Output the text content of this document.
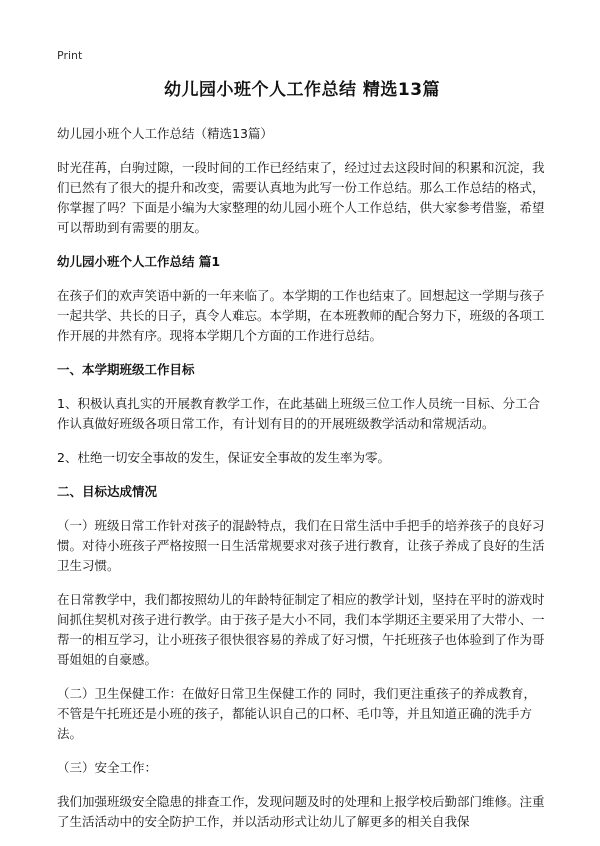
Print
幼儿园小班个人工作总结 精选13篇
幼儿园小班个人工作总结（精选13篇）

时光荏苒，白驹过隙，一段时间的工作已经结束了，经过过去这段时间的积累和沉淀，我们已然有了很大的提升和改变，需要认真地为此写一份工作总结。那么工作总结的格式，你掌握了吗？下面是小编为大家整理的幼儿园小班个人工作总结，供大家参考借鉴，希望可以帮助到有需要的朋友。

幼儿园小班个人工作总结 篇1

在孩子们的欢声笑语中新的一年来临了。本学期的工作也结束了。回想起这一学期与孩子一起共学、共长的日子，真令人难忘。本学期，在本班教师的配合努力下，班级的各项工作开展的井然有序。现将本学期几个方面的工作进行总结。

一、本学期班级工作目标

1、积极认真扎实的开展教育教学工作，在此基础上班级三位工作人员统一目标、分工合作认真做好班级各项日常工作，有计划有目的的开展班级教学活动和常规活动。

2、杜绝一切安全事故的发生，保证安全事故的发生率为零。

二、目标达成情况

（一）班级日常工作针对孩子的混龄特点，我们在日常生活中手把手的培养孩子的良好习惯。对待小班孩子严格按照一日生活常规要求对孩子进行教育，让孩子养成了良好的生活卫生习惯。

在日常教学中，我们都按照幼儿的年龄特征制定了相应的教学计划，坚持在平时的游戏时间抓住契机对孩子进行教学。由于孩子是大小不同，我们本学期还主要采用了大带小、一帮一的相互学习，让小班孩子很快很容易的养成了好习惯，午托班孩子也体验到了作为哥哥姐姐的自豪感。

（二）卫生保健工作：在做好日常卫生保健工作的 同时，我们更注重孩子的养成教育，不管是午托班还是小班的孩子，都能认识自己的口杯、毛巾等，并且知道正确的洗手方法。

（三）安全工作：

我们加强班级安全隐患的排查工作，发现问题及时的处理和上报学校后勤部门维修。注重了生活活动中的安全防护工作，并以活动形式让幼儿了解更多的相关自我保
